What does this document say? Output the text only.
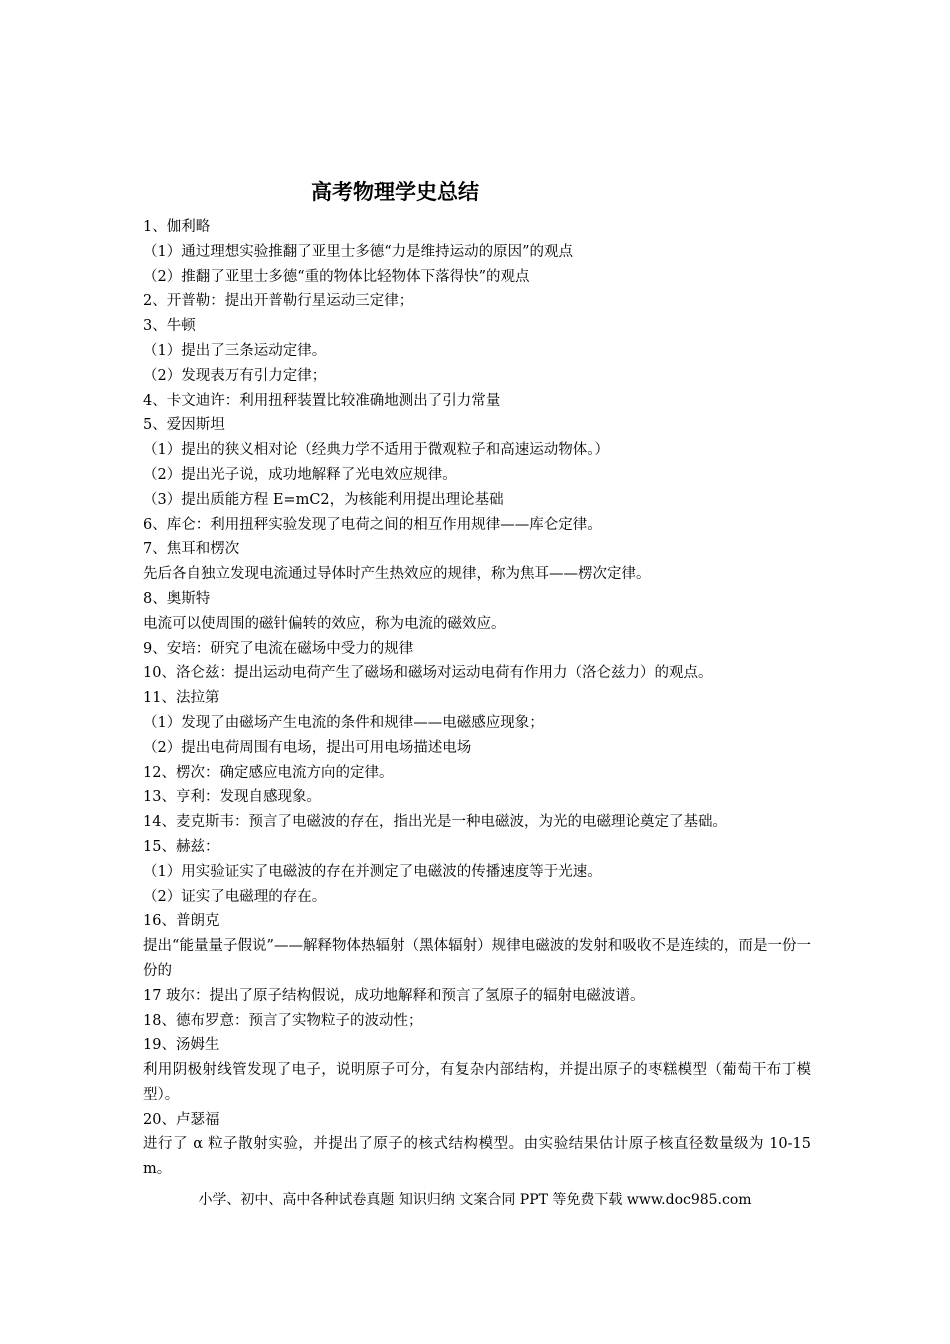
高考物理学史总结
1、伽利略
（1）通过理想实验推翻了亚里士多德“力是维持运动的原因”的观点
（2）推翻了亚里士多德“重的物体比轻物体下落得快”的观点
2、开普勒：提出开普勒行星运动三定律；
3、牛顿
（1）提出了三条运动定律。
（2）发现表万有引力定律；
4、卡文迪许：利用扭秤装置比较准确地测出了引力常量
5、爱因斯坦
（1）提出的狭义相对论（经典力学不适用于微观粒子和高速运动物体。）
（2）提出光子说，成功地解释了光电效应规律。
（3）提出质能方程 E=mC2，为核能利用提出理论基础
6、库仑：利用扭秤实验发现了电荷之间的相互作用规律——库仑定律。
7、焦耳和楞次
先后各自独立发现电流通过导体时产生热效应的规律，称为焦耳——楞次定律。
8、奥斯特
电流可以使周围的磁针偏转的效应，称为电流的磁效应。
9、安培：研究了电流在磁场中受力的规律
10、洛仑兹：提出运动电荷产生了磁场和磁场对运动电荷有作用力（洛仑兹力）的观点。
11、法拉第
（1）发现了由磁场产生电流的条件和规律——电磁感应现象；
（2）提出电荷周围有电场，提出可用电场描述电场
12、楞次：确定感应电流方向的定律。
13、亨利：发现自感现象。
14、麦克斯韦：预言了电磁波的存在，指出光是一种电磁波，为光的电磁理论奠定了基础。
15、赫兹：
（1）用实验证实了电磁波的存在并测定了电磁波的传播速度等于光速。
（2）证实了电磁理的存在。
16、普朗克
提出“能量量子假说”——解释物体热辐射（黑体辐射）规律电磁波的发射和吸收不是连续的，而是一份一份的
17 玻尔：提出了原子结构假说，成功地解释和预言了氢原子的辐射电磁波谱。
18、德布罗意：预言了实物粒子的波动性；
19、汤姆生
利用阴极射线管发现了电子，说明原子可分，有复杂内部结构，并提出原子的枣糕模型（葡萄干布丁模型）。
20、卢瑟福
进行了 α 粒子散射实验，并提出了原子的核式结构模型。由实验结果估计原子核直径数量级为 10-15 m。
小学、初中、高中各种试卷真题 知识归纳 文案合同 PPT 等免费下载 www.doc985.com
